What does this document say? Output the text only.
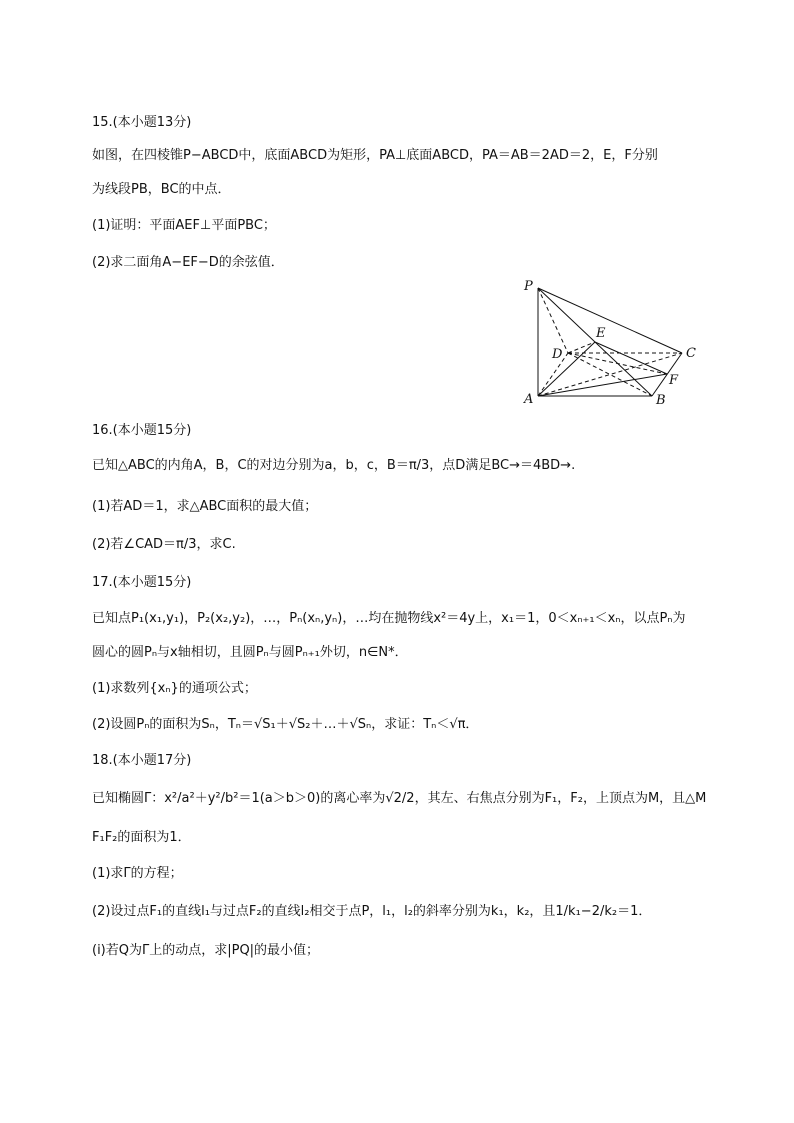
15.(本小题13分)
如图，在四棱锥P−ABCD中，底面ABCD为矩形，PA⊥底面ABCD，PA＝AB＝2AD＝2，E，F分别
为线段PB，BC的中点．
(1)证明：平面AEF⊥平面PBC；
(2)求二面角A−EF−D的余弦值．
P
A	B
C
D
E
F
16.(本小题15分)
已知△ABC的内角A，B，C的对边分别为a，b，c，B＝π/3，点D满足BC→＝4BD→.
(1)若AD＝1，求△ABC面积的最大值；
(2)若∠CAD＝π/3，求C.
17.(本小题15分)
已知点P₁(x₁,y₁)，P₂(x₂,y₂)，…，Pₙ(xₙ,yₙ)，…均在抛物线x²＝4y上，x₁＝1，0＜xₙ₊₁＜xₙ，以点Pₙ为
圆心的圆Pₙ与x轴相切，且圆Pₙ与圆Pₙ₊₁外切，n∈N*．
(1)求数列{xₙ}的通项公式；
(2)设圆Pₙ的面积为Sₙ，Tₙ＝√S₁＋√S₂＋…＋√Sₙ，求证：Tₙ＜√π．
18.(本小题17分)
已知椭圆Γ：x²/a²＋y²/b²＝1(a＞b＞0)的离心率为√2/2，其左、右焦点分别为F₁，F₂，上顶点为M，且△M
F₁F₂的面积为1．
(1)求Γ的方程；
(2)设过点F₁的直线l₁与过点F₂的直线l₂相交于点P，l₁，l₂的斜率分别为k₁，k₂，且1/k₁−2/k₂＝1．
(i)若Q为Γ上的动点，求|PQ|的最小值；
